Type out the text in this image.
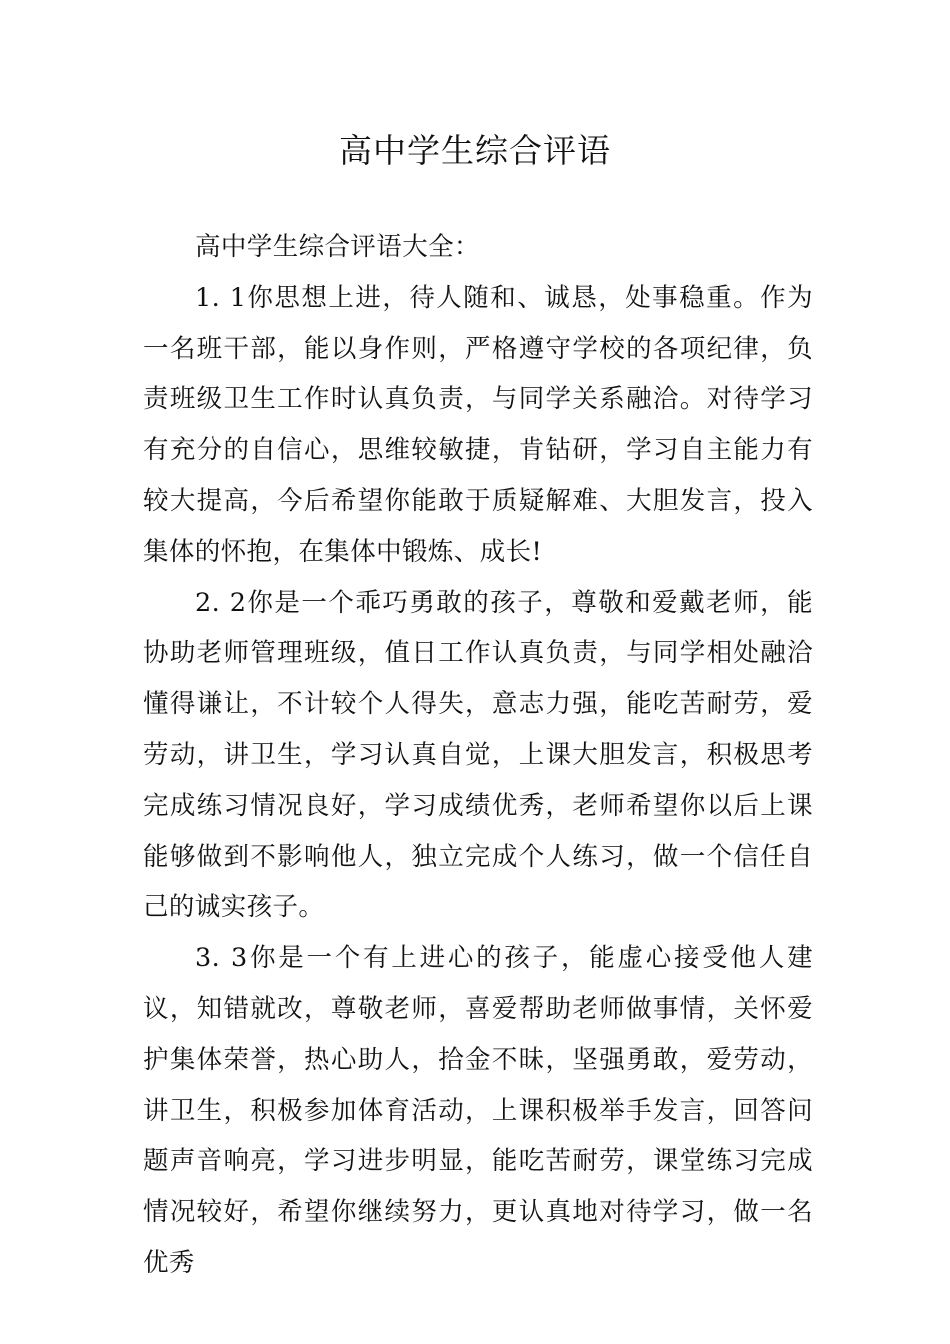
高中学生综合评语

高中学生综合评语大全：

1. 1你思想上进，待人随和、诚恳，处事稳重。作为一名班干部，能以身作则，严格遵守学校的各项纪律，负责班级卫生工作时认真负责，与同学关系融洽。对待学习有充分的自信心，思维较敏捷，肯钻研，学习自主能力有较大提高，今后希望你能敢于质疑解难、大胆发言，投入集体的怀抱，在集体中锻炼、成长!

2. 2你是一个乖巧勇敢的孩子，尊敬和爱戴老师，能协助老师管理班级，值日工作认真负责，与同学相处融洽懂得谦让，不计较个人得失，意志力强，能吃苦耐劳，爱劳动，讲卫生，学习认真自觉，上课大胆发言，积极思考完成练习情况良好，学习成绩优秀，老师希望你以后上课能够做到不影响他人，独立完成个人练习，做一个信任自己的诚实孩子。

3. 3你是一个有上进心的孩子，能虚心接受他人建议，知错就改，尊敬老师，喜爱帮助老师做事情，关怀爱护集体荣誉，热心助人，拾金不昧，坚强勇敢，爱劳动，讲卫生，积极参加体育活动，上课积极举手发言，回答问题声音响亮，学习进步明显，能吃苦耐劳，课堂练习完成情况较好，希望你继续努力，更认真地对待学习，做一名优秀
